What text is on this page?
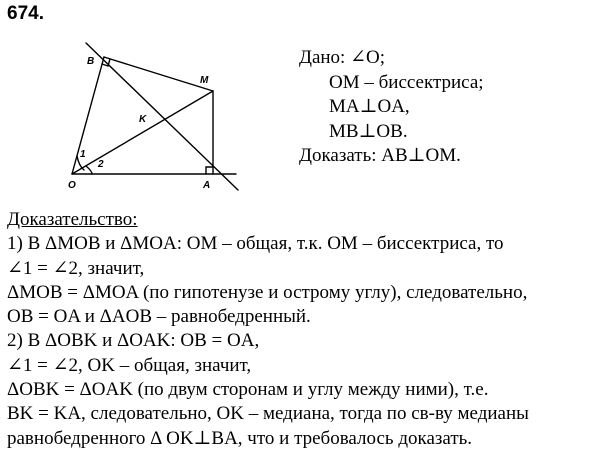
674.
B
M
K
O	A
1
2
Дано: ∠O;
OM – биссектриса;
MA⊥OA,
MB⊥OB.
Доказать: AB⊥OM.
Доказательство:
1) В ΔMOB и ΔMOA: OM – общая, т.к. OM – биссектриса, то
∠1 = ∠2, значит,
ΔMOB = ΔMOA (по гипотенузе и острому углу), следовательно,
OB = OA и ΔAOB – равнобедренный.
2) В ΔOBK и ΔOAK: OB = OA,
∠1 = ∠2, OK – общая, значит,
ΔOBK = ΔOAK (по двум сторонам и углу между ними), т.е.
BK = KA, следовательно, OK – медиана, тогда по св-ву медианы
равнобедренного Δ OK⊥BA, что и требовалось доказать.
